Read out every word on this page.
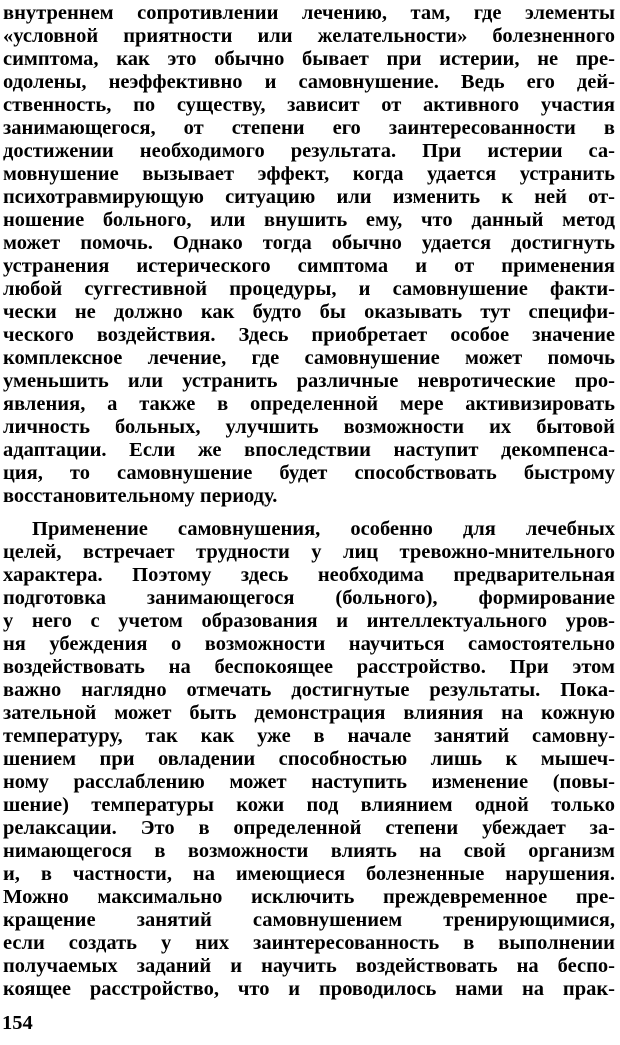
внутреннем сопротивлении лечению, там, где элементы
«условной приятности или желательности» болезненного
симптома, как это обычно бывает при истерии, не пре-
одолены, неэффективно и самовнушение. Ведь его дей-
ственность, по существу, зависит от активного участия
занимающегося, от степени его заинтересованности в
достижении необходимого результата. При истерии са-
мовнушение вызывает эффект, когда удается устранить
психотравмирующую ситуацию или изменить к ней от-
ношение больного, или внушить ему, что данный метод
может помочь. Однако тогда обычно удается достигнуть
устранения истерического симптома и от применения
любой суггестивной процедуры, и самовнушение факти-
чески не должно как будто бы оказывать тут специфи-
ческого воздействия. Здесь приобретает особое значение
комплексное лечение, где самовнушение может помочь
уменьшить или устранить различные невротические про-
явления, а также в определенной мере активизировать
личность больных, улучшить возможности их бытовой
адаптации. Если же впоследствии наступит декомпенса-
ция, то самовнушение будет способствовать быстрому
восстановительному периоду.
Применение самовнушения, особенно для лечебных
целей, встречает трудности у лиц тревожно-мнительного
характера. Поэтому здесь необходима предварительная
подготовка занимающегося (больного), формирование
у него с учетом образования и интеллектуального уров-
ня убеждения о возможности научиться самостоятельно
воздействовать на беспокоящее расстройство. При этом
важно наглядно отмечать достигнутые результаты. Пока-
зательной может быть демонстрация влияния на кожную
температуру, так как уже в начале занятий самовну-
шением при овладении способностью лишь к мышеч-
ному расслаблению может наступить изменение (повы-
шение) температуры кожи под влиянием одной только
релаксации. Это в определенной степени убеждает за-
нимающегося в возможности влиять на свой организм
и, в частности, на имеющиеся болезненные нарушения.
Можно максимально исключить преждевременное пре-
кращение занятий самовнушением тренирующимися,
если создать у них заинтересованность в выполнении
получаемых заданий и научить воздействовать на беспо-
коящее расстройство, что и проводилось нами на прак-
154
